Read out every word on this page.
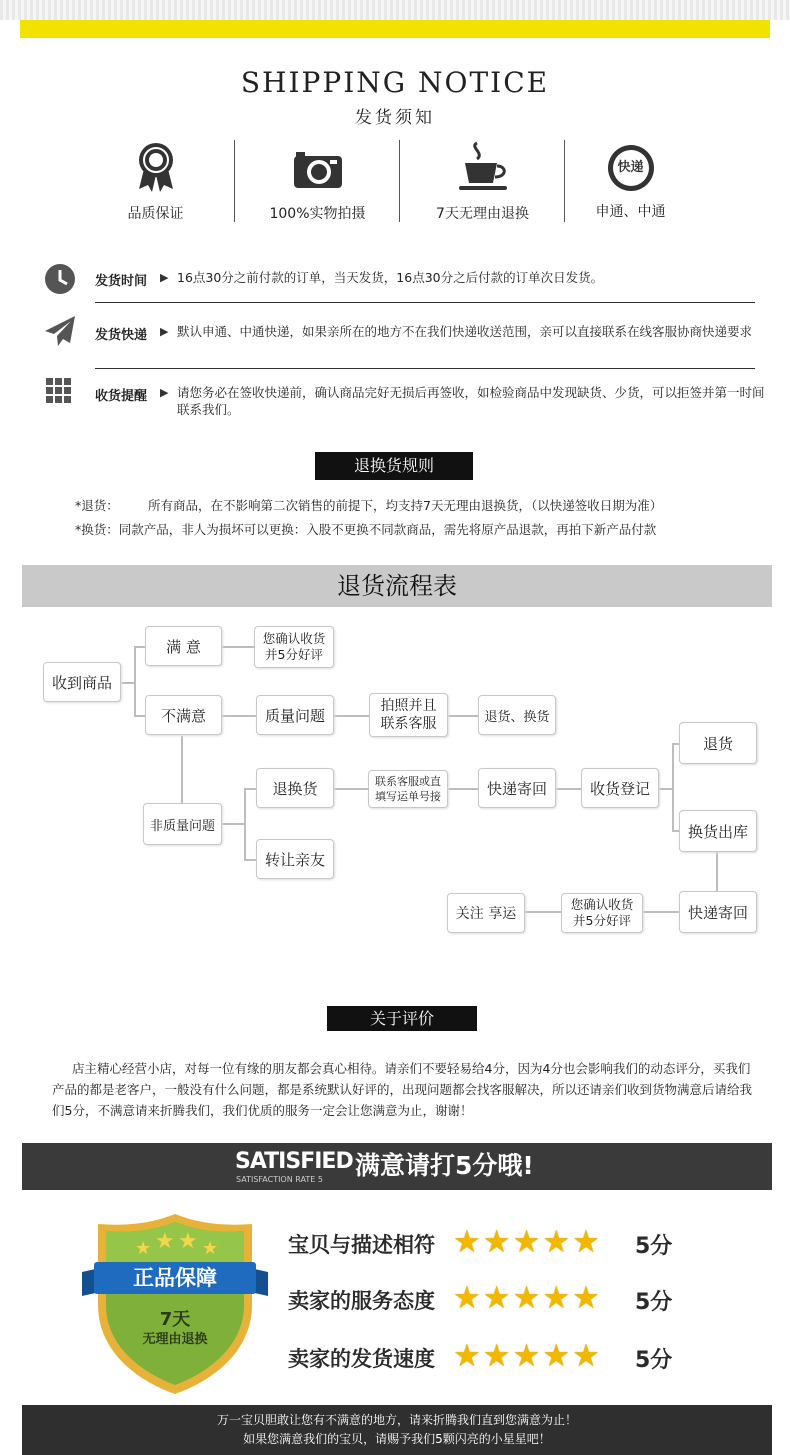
SHIPPING NOTICE
发货须知
品质保证	100%实物拍摄	7天无理由退换
快递
申通、中通
发货时间 ▶ 16点30分之前付款的订单，当天发货，16点30分之后付款的订单次日发货。
发货快递 ▶ 默认申通、中通快递，如果亲所在的地方不在我们快递收送范围，亲可以直接联系在线客服协商快递要求
收货提醒 ▶ 请您务必在签收快递前，确认商品完好无损后再签收，如检验商品中发现缺货、少货，可以拒签并第一时间联系我们。
退换货规则
*退货： 所有商品，在不影响第二次销售的前提下，均支持7天无理由退换货，（以快递签收日期为准）
*换货：同款产品，非人为损坏可以更换：入股不更换不同款商品，需先将原产品退款，再拍下新产品付款
退货流程表
收到商品
满 意	您确认收货
并5分好评
不满意	质量问题
拍照并且
联系客服	退货、换货
非质量问题
退换货
转让亲友
联系客服或直
填写运单号接	快递寄回	收货登记
退货
换货出库
快递寄回
您确认收货
并5分好评
关注 享运
关于评价
店主精心经营小店，对每一位有缘的朋友都会真心相待。请亲们不要轻易给4分，因为4分也会影响我们的动态评分，买我们产品的都是老客户，一般没有什么问题，都是系统默认好评的，出现问题都会找客服解决，所以还请亲们收到货物满意后请给我们5分，不满意请来折腾我们，我们优质的服务一定会让您满意为止，谢谢！
SATISFIED
SATISFACTION RATE 5 满意请打5分哦!
★ ★ ★ ★
正品保障
7天
无理由退换
宝贝与描述相符 ★★★★★ 5分
卖家的服务态度 ★★★★★ 5分
卖家的发货速度 ★★★★★ 5分
万一宝贝胆敢让您有不满意的地方，请来折腾我们直到您满意为止！
如果您满意我们的宝贝，请赐予我们5颗闪亮的小星星吧！
